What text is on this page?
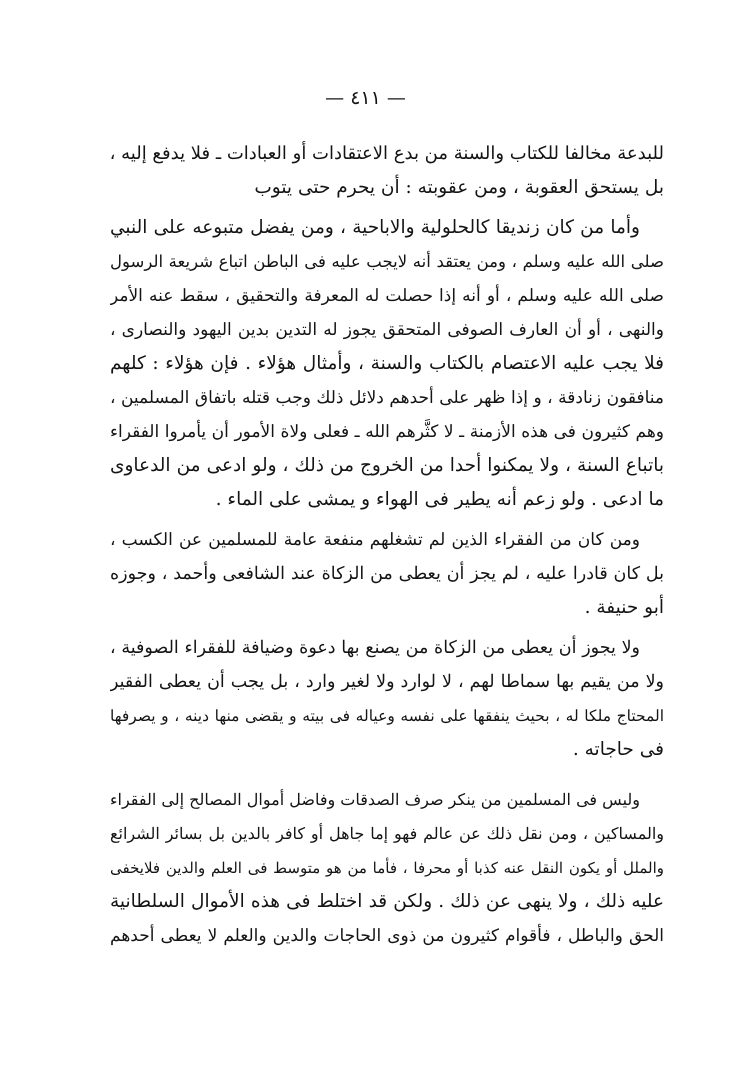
— ٤١١ —
للبدعة مخالفا للكتاب والسنة من بدع الاعتقادات أو العبادات ـ فلا يدفع إليه ،
بل يستحق العقوبة ، ومن عقوبته : أن يحرم حتى يتوب
وأما من كان زنديقا كالحلولية والاباحية ، ومن يفضل متبوعه على النبي
صلى الله عليه وسلم ، ومن يعتقد أنه لايجب عليه فى الباطن اتباع شريعة الرسول
صلى الله عليه وسلم ، أو أنه إذا حصلت له المعرفة والتحقيق ، سقط عنه الأمر
والنهى ، أو أن العارف الصوفى المتحقق يجوز له التدين بدين اليهود والنصارى ،
فلا يجب عليه الاعتصام بالكتاب والسنة ، وأمثال هؤلاء . فإن هؤلاء : كلهم
منافقون زنادقة ، و إذا ظهر على أحدهم دلائل ذلك وجب قتله باتفاق المسلمين ،
وهم كثيرون فى هذه الأزمنة ـ لا كثَّرهم الله ـ فعلى ولاة الأمور أن يأمروا الفقراء
باتباع السنة ، ولا يمكنوا أحدا من الخروج من ذلك ، ولو ادعى من الدعاوى
ما ادعى . ولو زعم أنه يطير فى الهواء و يمشى على الماء .
ومن كان من الفقراء الذين لم تشغلهم منفعة عامة للمسلمين عن الكسب ،
بل كان قادرا عليه ، لم يجز أن يعطى من الزكاة عند الشافعى وأحمد ، وجوزه
أبو حنيفة .
ولا يجوز أن يعطى من الزكاة من يصنع بها دعوة وضيافة للفقراء الصوفية ،
ولا من يقيم بها سماطا لهم ، لا لوارد ولا لغير وارد ، بل يجب أن يعطى الفقير
المحتاج ملكا له ، بحيث ينفقها على نفسه وعياله فى بيته و يقضى منها دينه ، و يصرفها
فى حاجاته .
وليس فى المسلمين من ينكر صرف الصدقات وفاضل أموال المصالح إلى الفقراء
والمساكين ، ومن نقل ذلك عن عالم فهو إما جاهل أو كافر بالدين بل بسائر الشرائع
والملل أو يكون النقل عنه كذبا أو محرفا ، فأما من هو متوسط فى العلم والدين فلايخفى
عليه ذلك ، ولا ينهى عن ذلك . ولكن قد اختلط فى هذه الأموال السلطانية
الحق والباطل ، فأقوام كثيرون من ذوى الحاجات والدين والعلم لا يعطى أحدهم
